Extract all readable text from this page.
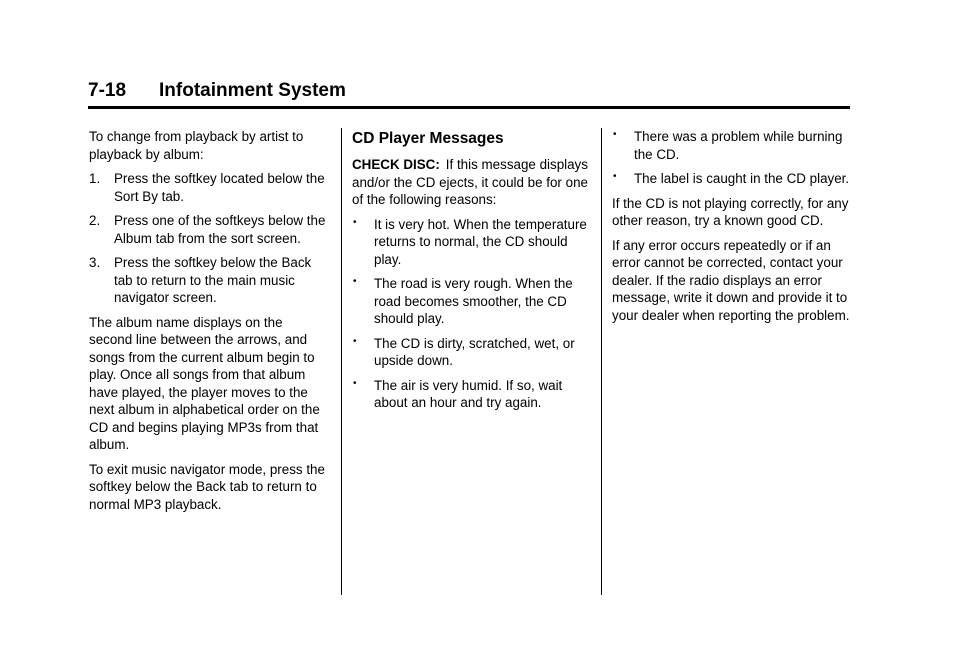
7-18 Infotainment System

To change from playback by artist to playback by album:

1. Press the softkey located below the Sort By tab.
2. Press one of the softkeys below the Album tab from the sort screen.
3. Press the softkey below the Back tab to return to the main music navigator screen.

The album name displays on the second line between the arrows, and songs from the current album begin to play. Once all songs from that album have played, the player moves to the next album in alphabetical order on the CD and begins playing MP3s from that album.

To exit music navigator mode, press the softkey below the Back tab to return to normal MP3 playback.

CD Player Messages

CHECK DISC: If this message displays and/or the CD ejects, it could be for one of the following reasons:

• It is very hot. When the temperature returns to normal, the CD should play.
• The road is very rough. When the road becomes smoother, the CD should play.
• The CD is dirty, scratched, wet, or upside down.
• The air is very humid. If so, wait about an hour and try again.
• There was a problem while burning the CD.
• The label is caught in the CD player.

If the CD is not playing correctly, for any other reason, try a known good CD.

If any error occurs repeatedly or if an error cannot be corrected, contact your dealer. If the radio displays an error message, write it down and provide it to your dealer when reporting the problem.
